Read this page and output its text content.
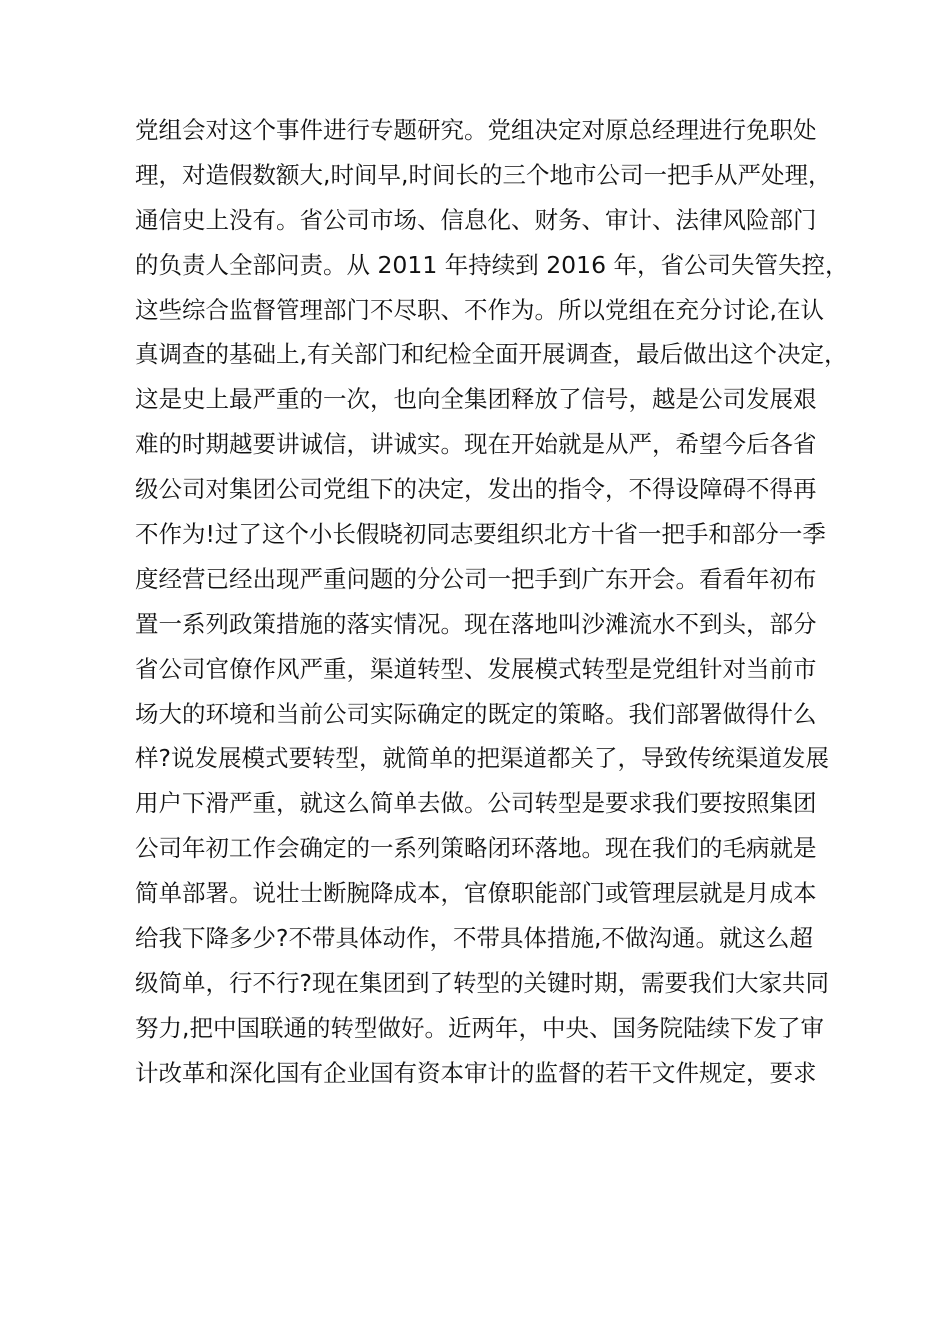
党组会对这个事件进行专题研究。党组决定对原总经理进行免职处
理，对造假数额大,时间早,时间长的三个地市公司一把手从严处理，
通信史上没有。省公司市场、信息化、财务、审计、法律风险部门
的负责人全部问责。从 2011 年持续到 2016 年，省公司失管失控，
这些综合监督管理部门不尽职、不作为。所以党组在充分讨论,在认
真调查的基础上,有关部门和纪检全面开展调查，最后做出这个决定，
这是史上最严重的一次，也向全集团释放了信号，越是公司发展艰
难的时期越要讲诚信，讲诚实。现在开始就是从严，希望今后各省
级公司对集团公司党组下的决定，发出的指令，不得设障碍不得再
不作为!过了这个小长假晓初同志要组织北方十省一把手和部分一季
度经营已经出现严重问题的分公司一把手到广东开会。看看年初布
置一系列政策措施的落实情况。现在落地叫沙滩流水不到头，部分
省公司官僚作风严重，渠道转型、发展模式转型是党组针对当前市
场大的环境和当前公司实际确定的既定的策略。我们部署做得什么
样?说发展模式要转型，就简单的把渠道都关了，导致传统渠道发展
用户下滑严重，就这么简单去做。公司转型是要求我们要按照集团
公司年初工作会确定的一系列策略闭环落地。现在我们的毛病就是
简单部署。说壮士断腕降成本，官僚职能部门或管理层就是月成本
给我下降多少?不带具体动作，不带具体措施,不做沟通。就这么超
级简单，行不行?现在集团到了转型的关键时期，需要我们大家共同
努力,把中国联通的转型做好。近两年，中央、国务院陆续下发了审
计改革和深化国有企业国有资本审计的监督的若干文件规定，要求
